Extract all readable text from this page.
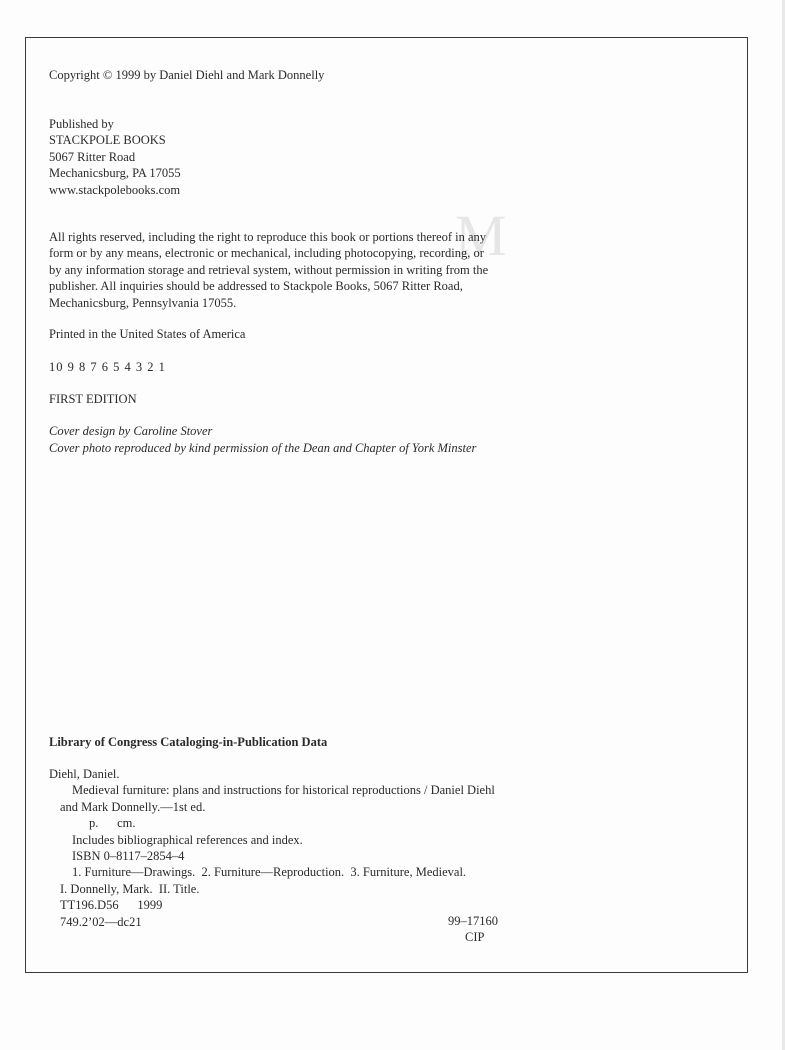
M
Copyright © 1999 by Daniel Diehl and Mark Donnelly
Published by
STACKPOLE BOOKS
5067 Ritter Road
Mechanicsburg, PA 17055
www.stackpolebooks.com
All rights reserved, including the right to reproduce this book or portions thereof in any
form or by any means, electronic or mechanical, including photocopying, recording, or
by any information storage and retrieval system, without permission in writing from the
publisher. All inquiries should be addressed to Stackpole Books, 5067 Ritter Road,
Mechanicsburg, Pennsylvania 17055.
Printed in the United States of America
10 9 8 7 6 5 4 3 2 1
FIRST EDITION
Cover design by Caroline Stover
Cover photo reproduced by kind permission of the Dean and Chapter of York Minster
Library of Congress Cataloging-in-Publication Data
Diehl, Daniel.
Medieval furniture: plans and instructions for historical reproductions / Daniel Diehl
and Mark Donnelly.—1st ed.
p.      cm.
Includes bibliographical references and index.
ISBN 0–8117–2854–4
1. Furniture—Drawings.  2. Furniture—Reproduction.  3. Furniture, Medieval.
I. Donnelly, Mark.  II. Title.
TT196.D56      1999
749.2’02—dc21	99–17160
CIP
